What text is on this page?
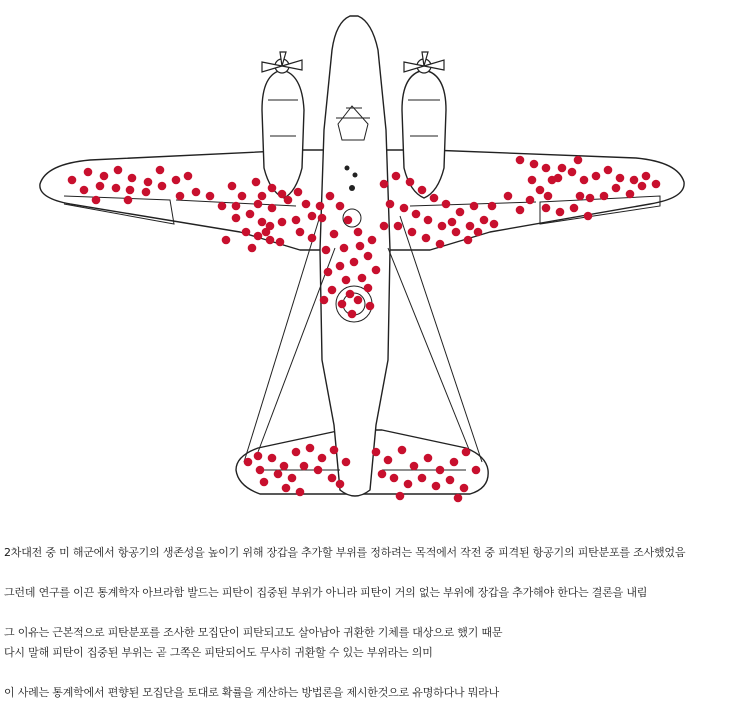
2차대전 중 미 해군에서 항공기의 생존성을 높이기 위해 장갑을 추가할 부위를 정하려는 목적에서 작전 중 피격된 항공기의 피탄분포를 조사했었음

그런데 연구를 이끈 통계학자 아브라함 발드는 피탄이 집중된 부위가 아니라 피탄이 거의 없는 부위에 장갑을 추가해야 한다는 결론을 내림

그 이유는 근본적으로 피탄분포를 조사한 모집단이 피탄되고도 살아남아 귀환한 기체를 대상으로 했기 때문

다시 말해 피탄이 집중된 부위는 곧 그쪽은 피탄되어도 무사히 귀환할 수 있는 부위라는 의미

이 사례는 통계학에서 편향된 모집단을 토대로 확률을 계산하는 방법론을 제시한것으로 유명하다나 뭐라나
